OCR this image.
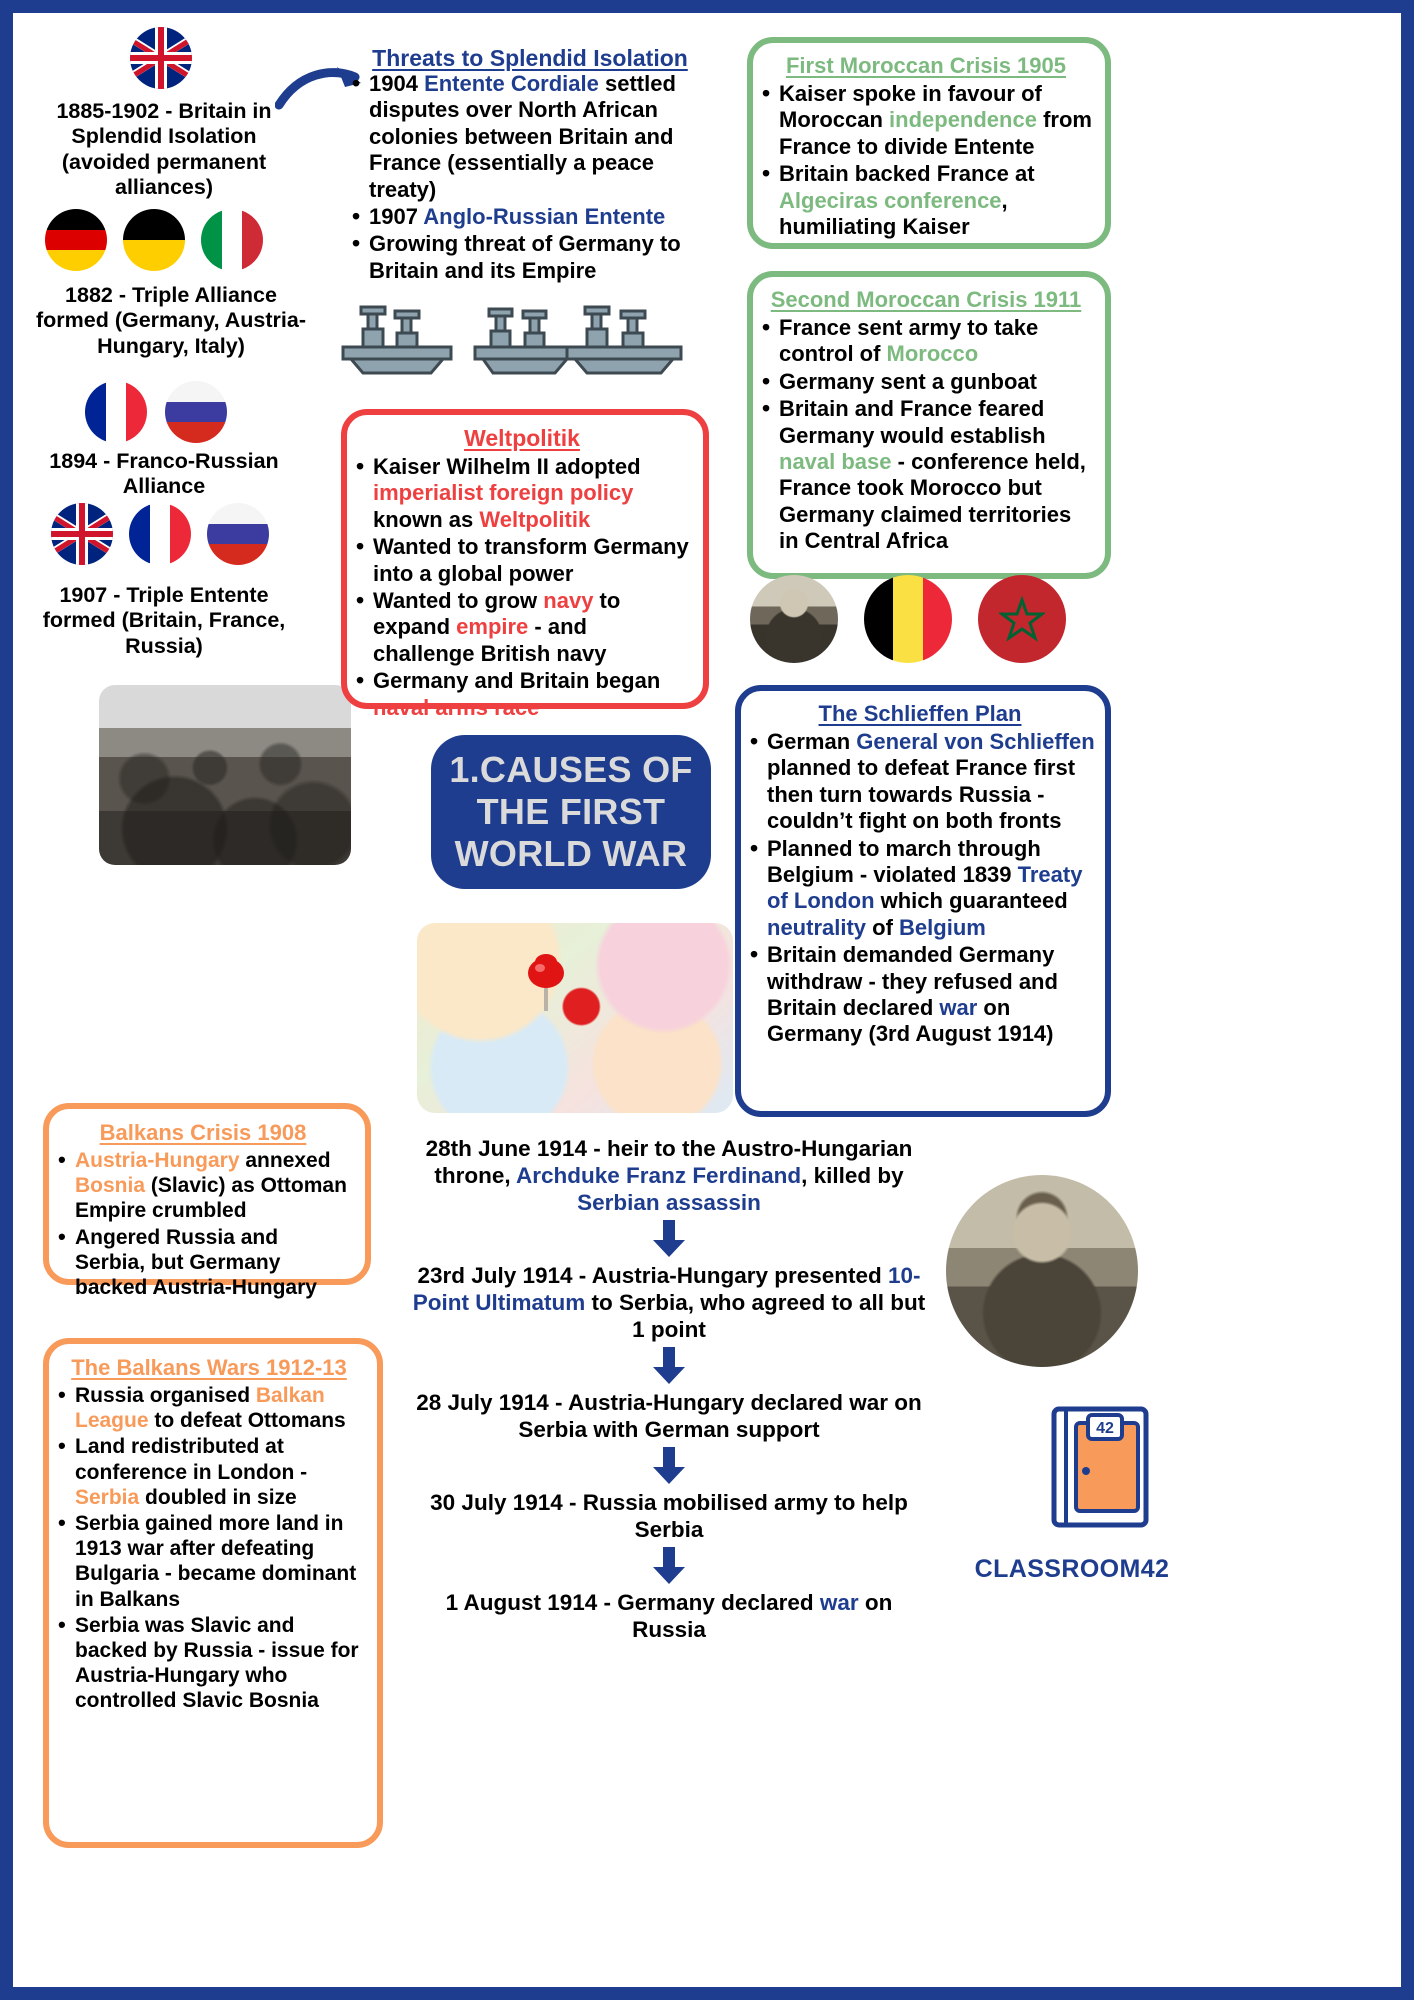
1885-1902 - Britain in Splendid Isolation (avoided permanent alliances)
1882 - Triple Alliance formed (Germany, Austria-Hungary, Italy)
1894 - Franco-Russian Alliance
1907 - Triple Entente formed (Britain, France, Russia)
Balkans Crisis 1908
• Austria-Hungary annexed Bosnia (Slavic) as Ottoman Empire crumbled
• Angered Russia and Serbia, but Germany backed Austria-Hungary
The Balkans Wars 1912-13
• Russia organised Balkan League to defeat Ottomans
• Land redistributed at conference in London - Serbia doubled in size
• Serbia gained more land in 1913 war after defeating Bulgaria - became dominant in Balkans
• Serbia was Slavic and backed by Russia - issue for Austria-Hungary who controlled Slavic Bosnia
Threats to Splendid Isolation
• 1904 Entente Cordiale settled disputes over North African colonies between Britain and France (essentially a peace treaty)
• 1907 Anglo-Russian Entente
• Growing threat of Germany to Britain and its Empire
Weltpolitik
• Kaiser Wilhelm II adopted imperialist foreign policy known as Weltpolitik
• Wanted to transform Germany into a global power
• Wanted to grow navy to expand empire - and challenge British navy
• Germany and Britain began naval arms race
1.CAUSES OF THE FIRST WORLD WAR
28th June 1914 - heir to the Austro-Hungarian throne, Archduke Franz Ferdinand, killed by Serbian assassin
23rd July 1914 - Austria-Hungary presented 10-Point Ultimatum to Serbia, who agreed to all but 1 point
28 July 1914 - Austria-Hungary declared war on Serbia with German support
30 July 1914 - Russia mobilised army to help Serbia
1 August 1914 - Germany declared war on Russia
First Moroccan Crisis 1905
• Kaiser spoke in favour of Moroccan independence from France to divide Entente
• Britain backed France at Algeciras conference, humiliating Kaiser
Second Moroccan Crisis 1911
• France sent army to take control of Morocco
• Germany sent a gunboat
• Britain and France feared Germany would establish naval base - conference held, France took Morocco but Germany claimed territories in Central Africa
The Schlieffen Plan
• German General von Schlieffen planned to defeat France first then turn towards Russia - couldn’t fight on both fronts
• Planned to march through Belgium - violated 1839 Treaty of London which guaranteed neutrality of Belgium
• Britain demanded Germany withdraw - they refused and Britain declared war on Germany (3rd August 1914)
42
CLASSROOM42
